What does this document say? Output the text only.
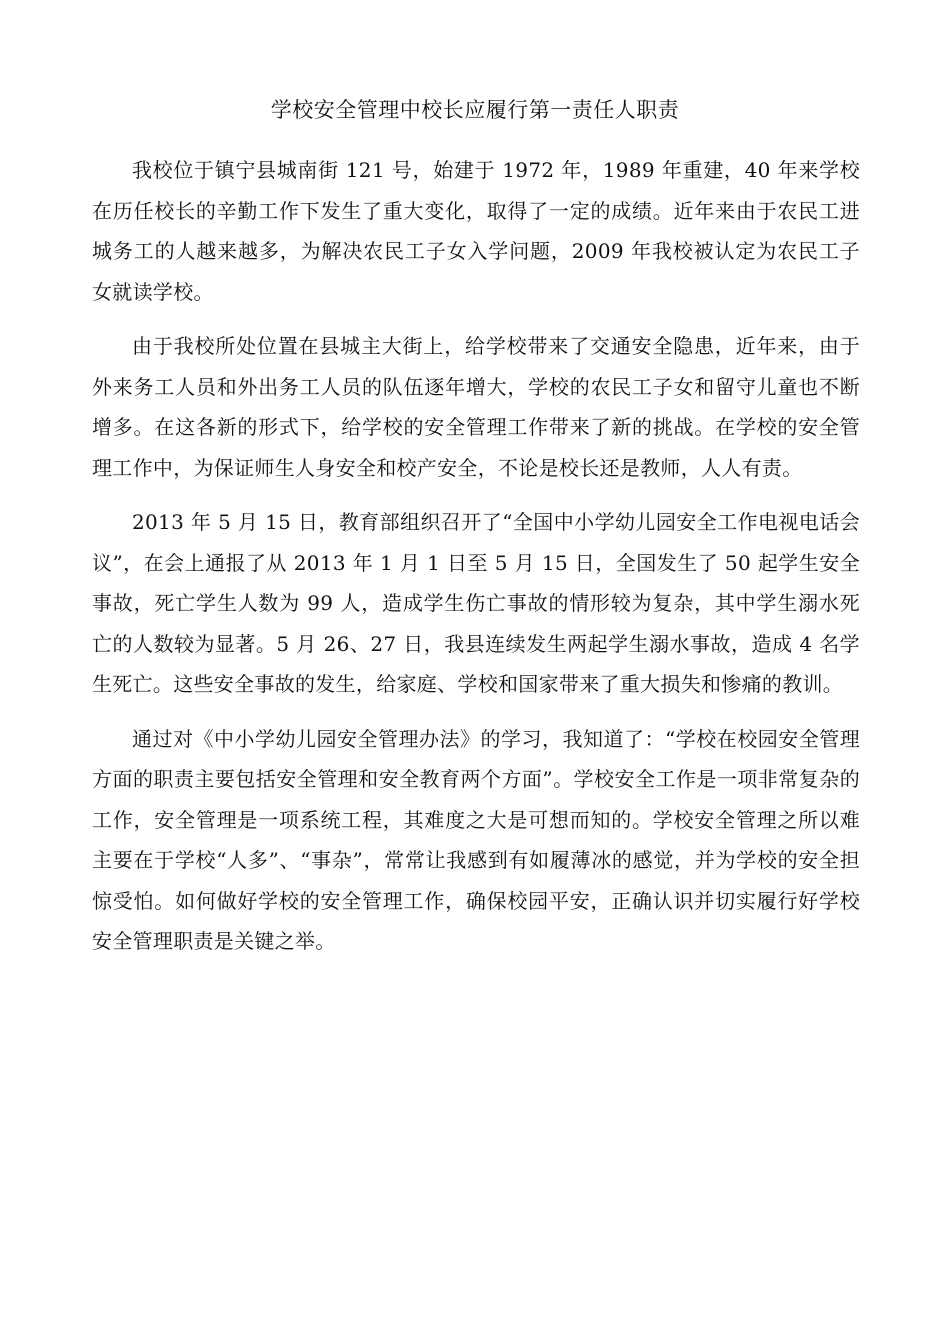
学校安全管理中校长应履行第一责任人职责

我校位于镇宁县城南街 121 号，始建于 1972 年，1989 年重建，40 年来学校在历任校长的辛勤工作下发生了重大变化，取得了一定的成绩。近年来由于农民工进城务工的人越来越多，为解决农民工子女入学问题，2009 年我校被认定为农民工子女就读学校。

由于我校所处位置在县城主大街上，给学校带来了交通安全隐患，近年来，由于外来务工人员和外出务工人员的队伍逐年增大，学校的农民工子女和留守儿童也不断增多。在这各新的形式下，给学校的安全管理工作带来了新的挑战。在学校的安全管理工作中，为保证师生人身安全和校产安全，不论是校长还是教师，人人有责。

2013 年 5 月 15 日，教育部组织召开了“全国中小学幼儿园安全工作电视电话会议”，在会上通报了从 2013 年 1 月 1 日至 5 月 15 日，全国发生了 50 起学生安全事故，死亡学生人数为 99 人，造成学生伤亡事故的情形较为复杂，其中学生溺水死亡的人数较为显著。5 月 26、27 日，我县连续发生两起学生溺水事故，造成 4 名学生死亡。这些安全事故的发生，给家庭、学校和国家带来了重大损失和惨痛的教训。

通过对《中小学幼儿园安全管理办法》的学习，我知道了：“学校在校园安全管理方面的职责主要包括安全管理和安全教育两个方面”。学校安全工作是一项非常复杂的工作，安全管理是一项系统工程，其难度之大是可想而知的。学校安全管理之所以难主要在于学校“人多”、“事杂”，常常让我感到有如履薄冰的感觉，并为学校的安全担惊受怕。如何做好学校的安全管理工作，确保校园平安，正确认识并切实履行好学校安全管理职责是关键之举。
